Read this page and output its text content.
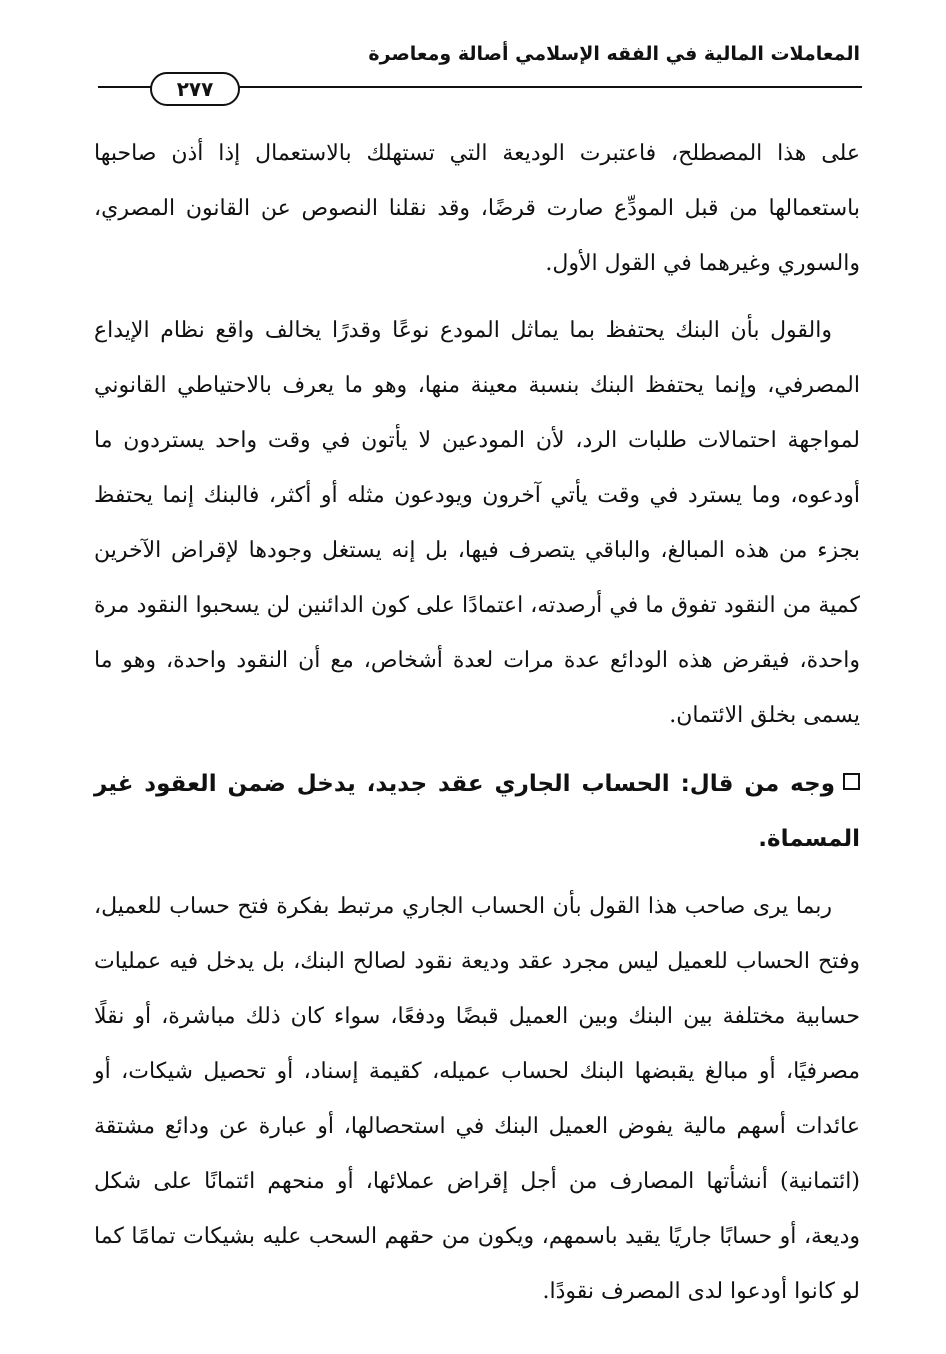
المعاملات المالية في الفقه الإسلامي أصالة ومعاصرة
٢٧٧

على هذا المصطلح، فاعتبرت الوديعة التي تستهلك بالاستعمال إذا أذن صاحبها باستعمالها من قبل المودِّع صارت قرضًا، وقد نقلنا النصوص عن القانون المصري، والسوري وغيرهما في القول الأول.

والقول بأن البنك يحتفظ بما يماثل المودع نوعًا وقدرًا يخالف واقع نظام الإيداع المصرفي، وإنما يحتفظ البنك بنسبة معينة منها، وهو ما يعرف بالاحتياطي القانوني لمواجهة احتمالات طلبات الرد، لأن المودعين لا يأتون في وقت واحد يستردون ما أودعوه، وما يسترد في وقت يأتي آخرون ويودعون مثله أو أكثر، فالبنك إنما يحتفظ بجزء من هذه المبالغ، والباقي يتصرف فيها، بل إنه يستغل وجودها لإقراض الآخرين كمية من النقود تفوق ما في أرصدته، اعتمادًا على كون الدائنين لن يسحبوا النقود مرة واحدة، فيقرض هذه الودائع عدة مرات لعدة أشخاص، مع أن النقود واحدة، وهو ما يسمى بخلق الائتمان.

وجه من قال: الحساب الجاري عقد جديد، يدخل ضمن العقود غير المسماة.

ربما يرى صاحب هذا القول بأن الحساب الجاري مرتبط بفكرة فتح حساب للعميل، وفتح الحساب للعميل ليس مجرد عقد وديعة نقود لصالح البنك، بل يدخل فيه عمليات حسابية مختلفة بين البنك وبين العميل قبضًا ودفعًا، سواء كان ذلك مباشرة، أو نقلًا مصرفيًا، أو مبالغ يقبضها البنك لحساب عميله، كقيمة إسناد، أو تحصيل شيكات، أو عائدات أسهم مالية يفوض العميل البنك في استحصالها، أو عبارة عن ودائع مشتقة (ائتمانية) أنشأتها المصارف من أجل إقراض عملائها، أو منحهم ائتمانًا على شكل وديعة، أو حسابًا جاريًا يقيد باسمهم، ويكون من حقهم السحب عليه بشيكات تمامًا كما لو كانوا أودعوا لدى المصرف نقودًا.
